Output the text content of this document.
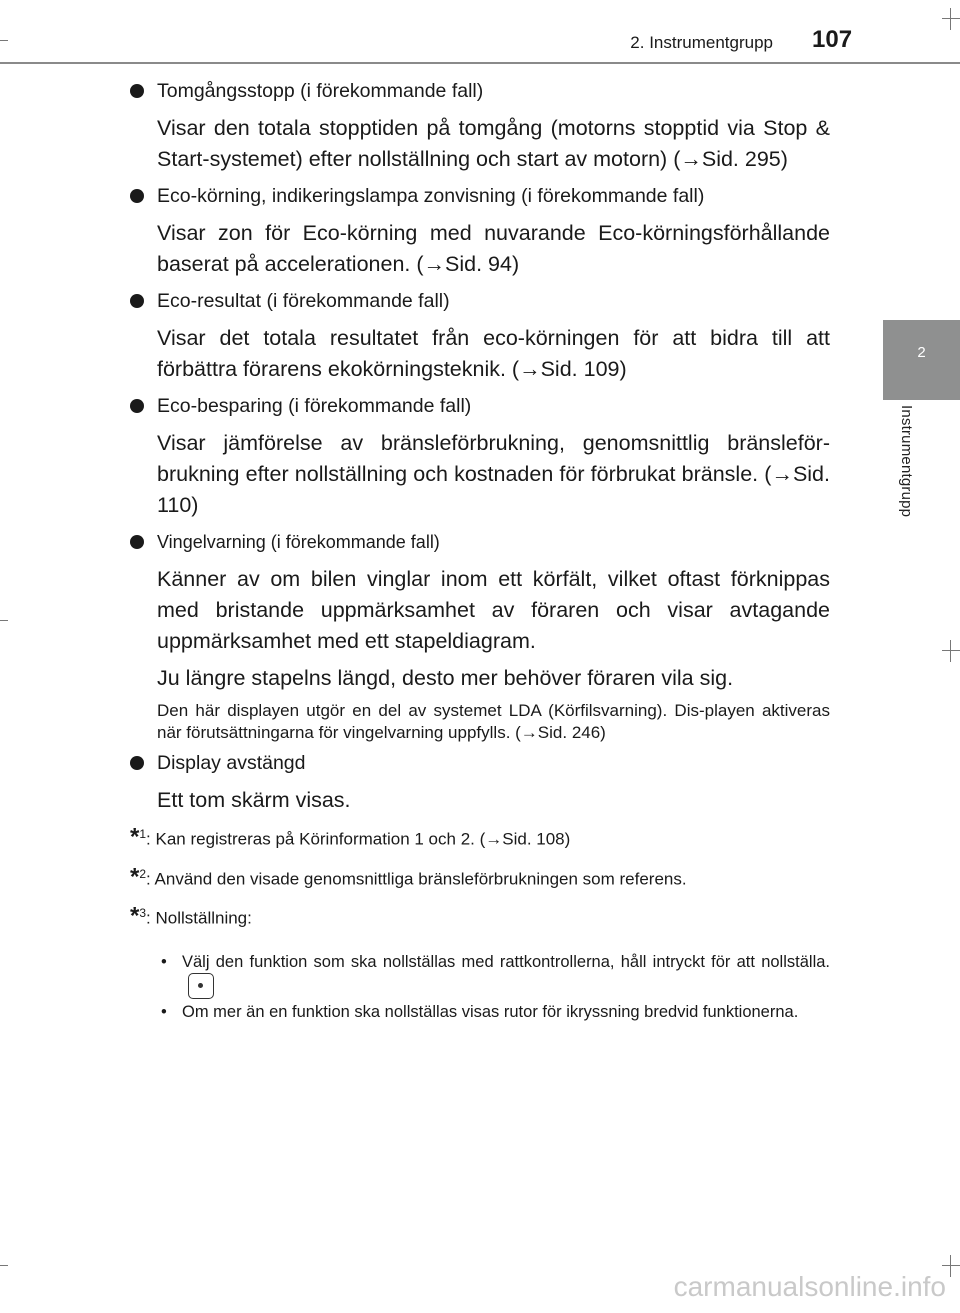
2. Instrumentgrupp 107
2
Instrumentgrupp
Tomgångsstopp (i förekommande fall)
Visar den totala stopptiden på tomgång (motorns stopptid via Stop & Start-systemet) efter nollställning och start av motorn) (→Sid. 295)
Eco-körning, indikeringslampa zonvisning (i förekommande fall)
Visar zon för Eco-körning med nuvarande Eco-körningsförhållande baserat på accelerationen. (→Sid. 94)
Eco-resultat (i förekommande fall)
Visar det totala resultatet från eco-körningen för att bidra till att förbättra förarens ekokörningsteknik. (→Sid. 109)
Eco-besparing (i förekommande fall)
Visar jämförelse av bränsleförbrukning, genomsnittlig bränsleför-brukning efter nollställning och kostnaden för förbrukat bränsle. (→Sid. 110)
Vingelvarning (i förekommande fall)
Känner av om bilen vinglar inom ett körfält, vilket oftast förknippas med bristande uppmärksamhet av föraren och visar avtagande uppmärksamhet med ett stapeldiagram.
Ju längre stapelns längd, desto mer behöver föraren vila sig.
Den här displayen utgör en del av systemet LDA (Körfilsvarning). Dis-playen aktiveras när förutsättningarna för vingelvarning uppfylls. (→Sid. 246)
Display avstängd
Ett tom skärm visas.
*$^1$: Kan registreras på Körinformation 1 och 2. (→Sid. 108)
*$^2$: Använd den visade genomsnittliga bränsleförbrukningen som referens.
*$^3$: Nollställning:
• Välj den funktion som ska nollställas med rattkontrollerna, håll intryckt för att nollställa.
• Om mer än en funktion ska nollställas visas rutor för ikryssning bredvid funktionerna.
carmanualsonline.info
